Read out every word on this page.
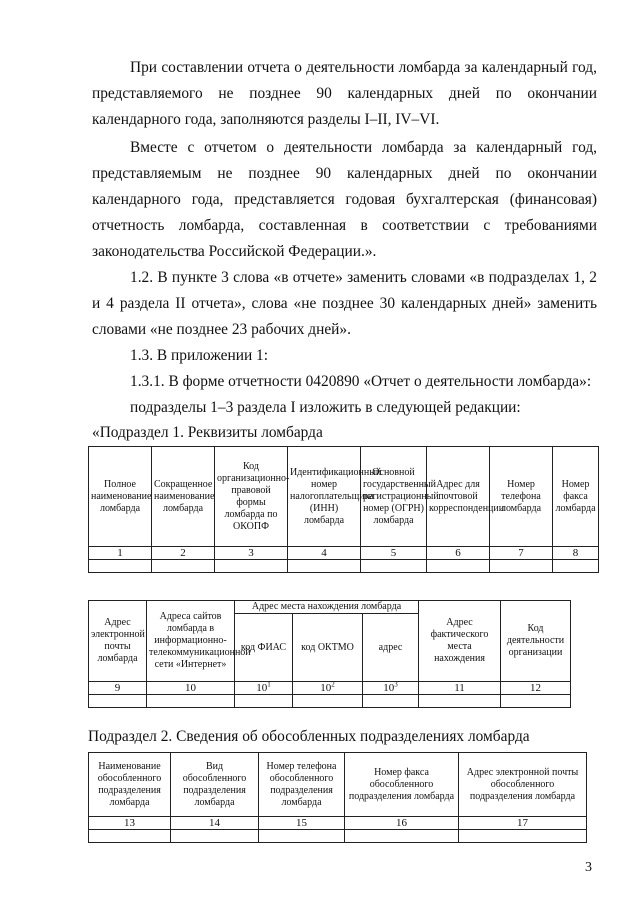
При составлении отчета о деятельности ломбарда за календарный год,
представляемого не позднее 90 календарных дней по окончании
календарного года, заполняются разделы I–II, IV–VI.
Вместе с отчетом о деятельности ломбарда за календарный год,
представляемым не позднее 90 календарных дней по окончании
календарного года, представляется годовая бухгалтерская (финансовая)
отчетность ломбарда, составленная в соответствии с требованиями
законодательства Российской Федерации.».
1.2. В пункте 3 слова «в отчете» заменить словами «в подразделах 1, 2
и 4 раздела II отчета», слова «не позднее 30 календарных дней» заменить
словами «не позднее 23 рабочих дней».
1.3. В приложении 1:
1.3.1. В форме отчетности 0420890 «Отчет о деятельности ломбарда»:
подразделы 1–3 раздела I изложить в следующей редакции:
«Подраздел 1. Реквизиты ломбарда
Полное наименование ломбарда	Сокращенное наименование ломбарда	Код организационно-правовой формы ломбарда по ОКОПФ	Идентификационный номер налогоплательщика (ИНН) ломбарда	Основной государственный регистрационный номер (ОГРН) ломбарда	Адрес для почтовой корреспонденции	Номер телефона ломбарда	Номер факса ломбарда
1	2	3	4	5	6	7	8

Адрес электронной почты ломбарда	Адреса сайтов ломбарда в информационно-телекоммуникационной сети «Интернет»	Адрес места нахождения ломбарда			Адрес фактического места нахождения	Код деятельности организации
		код ФИАС	код ОКТМО	адрес		
9	10	$10^1$	$10^2$	$10^3$	11	12

Подраздел 2. Сведения об обособленных подразделениях ломбарда
Наименование обособленного подразделения ломбарда	Вид обособленного подразделения ломбарда	Номер телефона обособленного подразделения ломбарда	Номер факса обособленного подразделения ломбарда	Адрес электронной почты обособленного подразделения ломбарда
13	14	15	16	17

3
